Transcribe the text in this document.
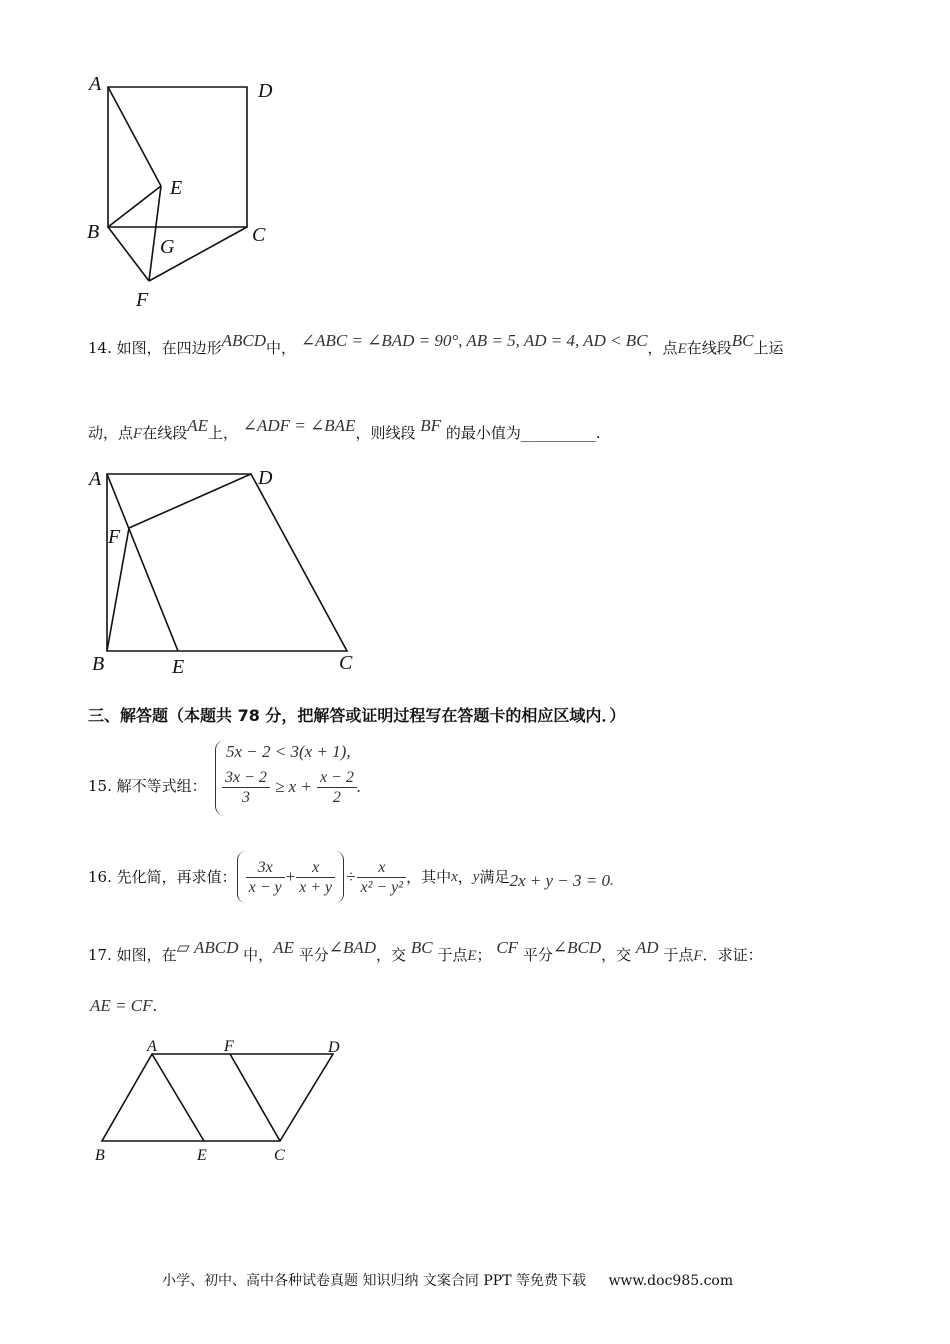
A	D
E
B
G
C
F
14. 如图，在四边形ABCD中， ∠ABC = ∠BAD = 90°, AB = 5, AD = 4, AD < BC，点E在线段BC上运
动，点F在线段AE上， ∠ADF = ∠BAE，则线段 BF 的最小值为__________.
A	D
F
B	E	C
三、解答题（本题共 78 分，把解答或证明过程写在答题卡的相应区域内．）
15. 解不等式组：
5x − 2 < 3(x + 1),
$\frac{3x - 2}{3} \ge x + \frac{x - 2}{2}$ .
16. 先化简，再求值： $\frac{3x}{x - y} + \frac{x}{x + y} \div \frac{x}{\text{x² − y²}}$ ，其中x，y满足2x + y − 3 = 0.
17. 如图，在▱ ABCD 中，AE 平分∠BAD，交 BC 于点E； CF 平分∠BCD，交 AD 于点F．求证：
AE = CF.
A	F	D
B	E	C
小学、初中、高中各种试卷真题 知识归纳 文案合同 PPT 等免费下载 www.doc985.com
